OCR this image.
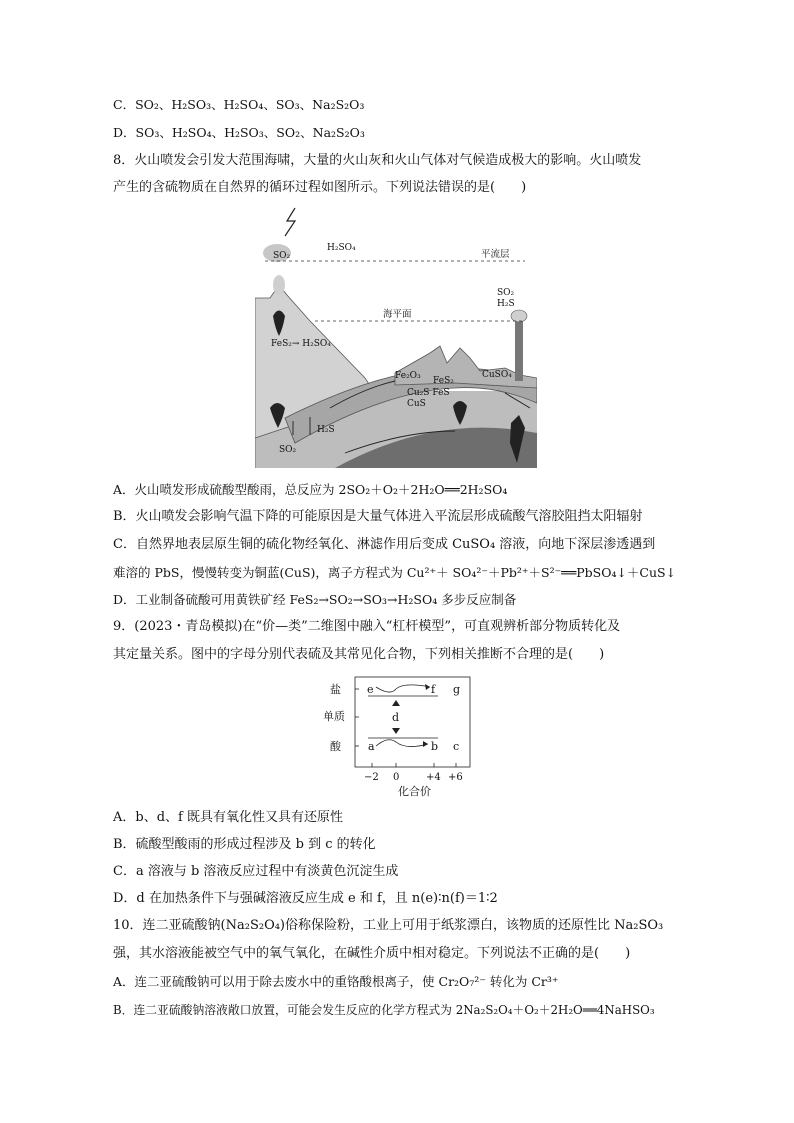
C．SO₂、H₂SO₃、H₂SO₄、SO₃、Na₂S₂O₃
D．SO₃、H₂SO₄、H₂SO₃、SO₂、Na₂S₂O₃
8．火山喷发会引发大范围海啸，大量的火山灰和火山气体对气候造成极大的影响。火山喷发
产生的含硫物质在自然界的循环过程如图所示。下列说法错误的是(　　)
SO₂
H₂SO₄
平流层
海平面
SO₂
H₂S
FeS₂→ H₂SO₄
Fe₂O₃ FeS₂
CuSO₄
Cu₂S FeS
CuS
H₂S
SO₂
A．火山喷发形成硫酸型酸雨，总反应为 2SO₂＋O₂＋2H₂O══2H₂SO₄
B．火山喷发会影响气温下降的可能原因是大量气体进入平流层形成硫酸气溶胶阻挡太阳辐射
C．自然界地表层原生铜的硫化物经氧化、淋滤作用后变成 CuSO₄ 溶液，向地下深层渗透遇到
难溶的 PbS，慢慢转变为铜蓝(CuS)，离子方程式为 Cu²⁺＋ SO₄²⁻＋Pb²⁺＋S²⁻══PbSO₄↓＋CuS↓
D．工业制备硫酸可用黄铁矿经 FeS₂→SO₂→SO₃→H₂SO₄ 多步反应制备
9．(2023・青岛模拟)在“价—类”二维图中融入“杠杆模型”，可直观辨析部分物质转化及
其定量关系。图中的字母分别代表硫及其常见化合物，下列相关推断不合理的是(　　)
盐
单质
酸
−2 0	+4 +6
化合价
e	f g
d
a	b c
A．b、d、f 既具有氧化性又具有还原性
B．硫酸型酸雨的形成过程涉及 b 到 c 的转化
C．a 溶液与 b 溶液反应过程中有淡黄色沉淀生成
D．d 在加热条件下与强碱溶液反应生成 e 和 f，且 n(e)∶n(f)＝1∶2
10．连二亚硫酸钠(Na₂S₂O₄)俗称保险粉，工业上可用于纸浆漂白，该物质的还原性比 Na₂SO₃
强，其水溶液能被空气中的氧气氧化，在碱性介质中相对稳定。下列说法不正确的是(　　)
A．连二亚硫酸钠可以用于除去废水中的重铬酸根离子，使 Cr₂O₇²⁻ 转化为 Cr³⁺
B．连二亚硫酸钠溶液敞口放置，可能会发生反应的化学方程式为 2Na₂S₂O₄＋O₂＋2H₂O══4NaHSO₃
